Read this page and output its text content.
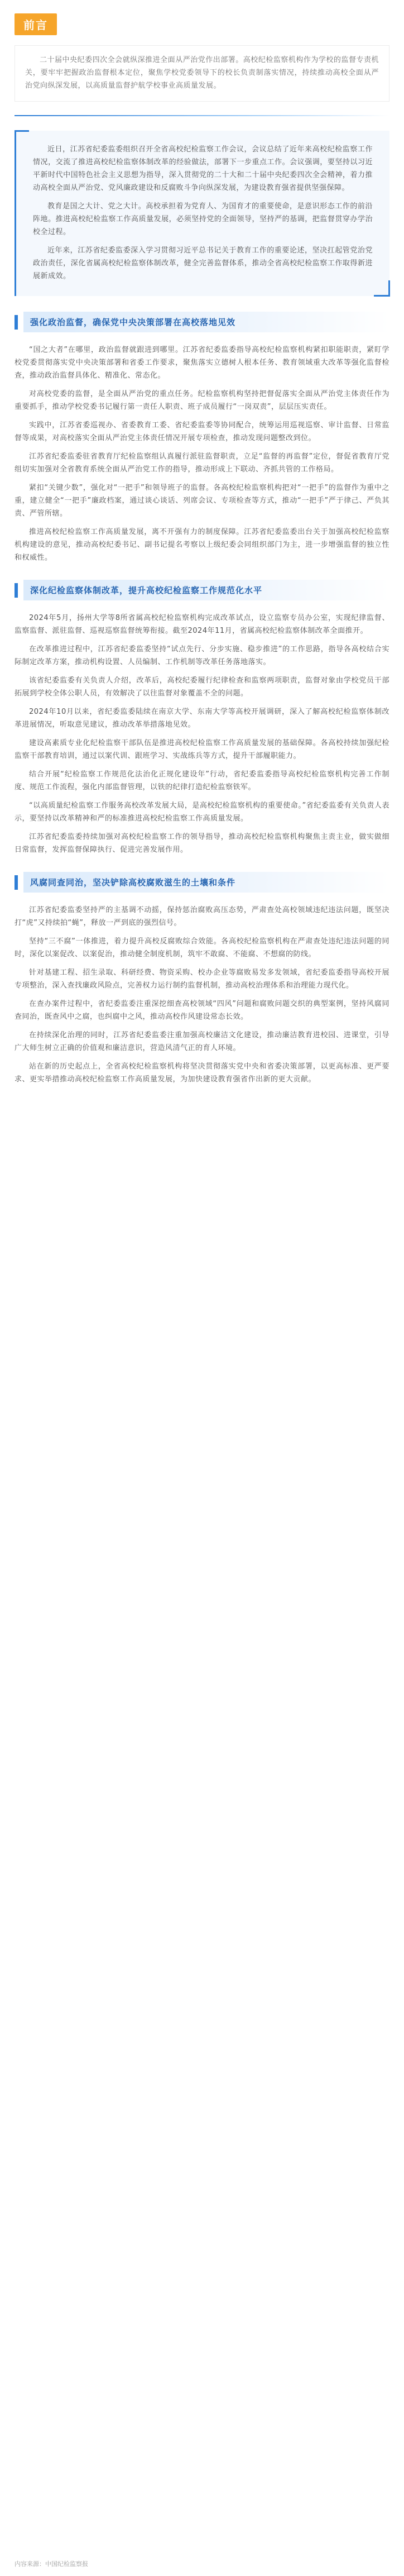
前言

二十届中央纪委四次全会就纵深推进全面从严治党作出部署。高校纪检监察机构作为学校的监督专责机关，要牢牢把握政治监督根本定位，聚焦学校党委领导下的校长负责制落实情况，持续推动高校全面从严治党向纵深发展，以高质量监督护航学校事业高质量发展。

近日，江苏省纪委监委组织召开全省高校纪检监察工作会议，会议总结了近年来高校纪检监察工作情况，交流了推进高校纪检监察体制改革的经验做法，部署下一步重点工作。会议强调，要坚持以习近平新时代中国特色社会主义思想为指导，深入贯彻党的二十大和二十届中央纪委四次全会精神，着力推动高校全面从严治党、党风廉政建设和反腐败斗争向纵深发展，为建设教育强省提供坚强保障。

教育是国之大计、党之大计。高校承担着为党育人、为国育才的重要使命，是意识形态工作的前沿阵地。推进高校纪检监察工作高质量发展，必须坚持党的全面领导，坚持严的基调，把监督贯穿办学治校全过程。

近年来，江苏省纪委监委深入学习贯彻习近平总书记关于教育工作的重要论述，坚决扛起管党治党政治责任，深化省属高校纪检监察体制改革，健全完善监督体系，推动全省高校纪检监察工作取得新进展新成效。

强化政治监督，确保党中央决策部署在高校落地见效

“国之大者”在哪里，政治监督就跟进到哪里。江苏省纪委监委指导高校纪检监察机构紧扣职能职责，紧盯学校党委贯彻落实党中央决策部署和省委工作要求，聚焦落实立德树人根本任务、教育领域重大改革等强化监督检查，推动政治监督具体化、精准化、常态化。

对高校党委的监督，是全面从严治党的重点任务。纪检监察机构坚持把督促落实全面从严治党主体责任作为重要抓手，推动学校党委书记履行第一责任人职责、班子成员履行“一岗双责”，层层压实责任。

实践中，江苏省委巡视办、省委教育工委、省纪委监委等协同配合，统筹运用巡视巡察、审计监督、日常监督等成果，对高校落实全面从严治党主体责任情况开展专项检查，推动发现问题整改到位。

江苏省纪委监委驻省教育厅纪检监察组认真履行派驻监督职责，立足“监督的再监督”定位，督促省教育厅党组切实加强对全省教育系统全面从严治党工作的指导，推动形成上下联动、齐抓共管的工作格局。

紧扣“关键少数”，强化对“一把手”和领导班子的监督。各高校纪检监察机构把对“一把手”的监督作为重中之重，建立健全“一把手”廉政档案，通过谈心谈话、列席会议、专项检查等方式，推动“一把手”严于律己、严负其责、严管所辖。

推进高校纪检监察工作高质量发展，离不开强有力的制度保障。江苏省纪委监委出台关于加强高校纪检监察机构建设的意见，推动高校纪委书记、副书记提名考察以上级纪委会同组织部门为主，进一步增强监督的独立性和权威性。

深化纪检监察体制改革，提升高校纪检监察工作规范化水平

2024年5月，扬州大学等8所省属高校纪检监察机构完成改革试点，设立监察专员办公室，实现纪律监督、监察监督、派驻监督、巡视巡察监督统筹衔接。截至2024年11月，省属高校纪检监察体制改革全面推开。

在改革推进过程中，江苏省纪委监委坚持“试点先行、分步实施、稳步推进”的工作思路，指导各高校结合实际制定改革方案，推动机构设置、人员编制、工作机制等改革任务落地落实。

该省纪委监委有关负责人介绍，改革后，高校纪委履行纪律检查和监察两项职责，监督对象由学校党员干部拓展到学校全体公职人员，有效解决了以往监督对象覆盖不全的问题。

2024年10月以来，省纪委监委陆续在南京大学、东南大学等高校开展调研，深入了解高校纪检监察体制改革进展情况，听取意见建议，推动改革举措落地见效。

建设高素质专业化纪检监察干部队伍是推进高校纪检监察工作高质量发展的基础保障。各高校持续加强纪检监察干部教育培训，通过以案代训、跟班学习、实战练兵等方式，提升干部履职能力。

结合开展“纪检监察工作规范化法治化正规化建设年”行动，省纪委监委指导高校纪检监察机构完善工作制度、规范工作流程，强化内部监督管理，以铁的纪律打造纪检监察铁军。

“以高质量纪检监察工作服务高校改革发展大局，是高校纪检监察机构的重要使命。”省纪委监委有关负责人表示，要坚持以改革精神和严的标准推进高校纪检监察工作高质量发展。

江苏省纪委监委持续加强对高校纪检监察工作的领导指导，推动高校纪检监察机构聚焦主责主业，做实做细日常监督，发挥监督保障执行、促进完善发展作用。

风腐同查同治，坚决铲除高校腐败滋生的土壤和条件

江苏省纪委监委坚持严的主基调不动摇，保持惩治腐败高压态势，严肃查处高校领域违纪违法问题，既坚决打“虎”又持续拍“蝇”，释放一严到底的强烈信号。

坚持“三不腐”一体推进，着力提升高校反腐败综合效能。各高校纪检监察机构在严肃查处违纪违法问题的同时，深化以案促改、以案促治，推动健全制度机制，筑牢不敢腐、不能腐、不想腐的防线。

针对基建工程、招生录取、科研经费、物资采购、校办企业等腐败易发多发领域，省纪委监委指导高校开展专项整治，深入查找廉政风险点，完善权力运行制约监督机制，推动高校治理体系和治理能力现代化。

在查办案件过程中，省纪委监委注重深挖细查高校领域“四风”问题和腐败问题交织的典型案例，坚持风腐同查同治，既查风中之腐，也纠腐中之风，推动高校作风建设常态长效。

在持续深化治理的同时，江苏省纪委监委注重加强高校廉洁文化建设，推动廉洁教育进校园、进课堂，引导广大师生树立正确的价值观和廉洁意识，营造风清气正的育人环境。

站在新的历史起点上，全省高校纪检监察机构将坚决贯彻落实党中央和省委决策部署，以更高标准、更严要求、更实举措推动高校纪检监察工作高质量发展，为加快建设教育强省作出新的更大贡献。

内容来源：中国纪检监察报
